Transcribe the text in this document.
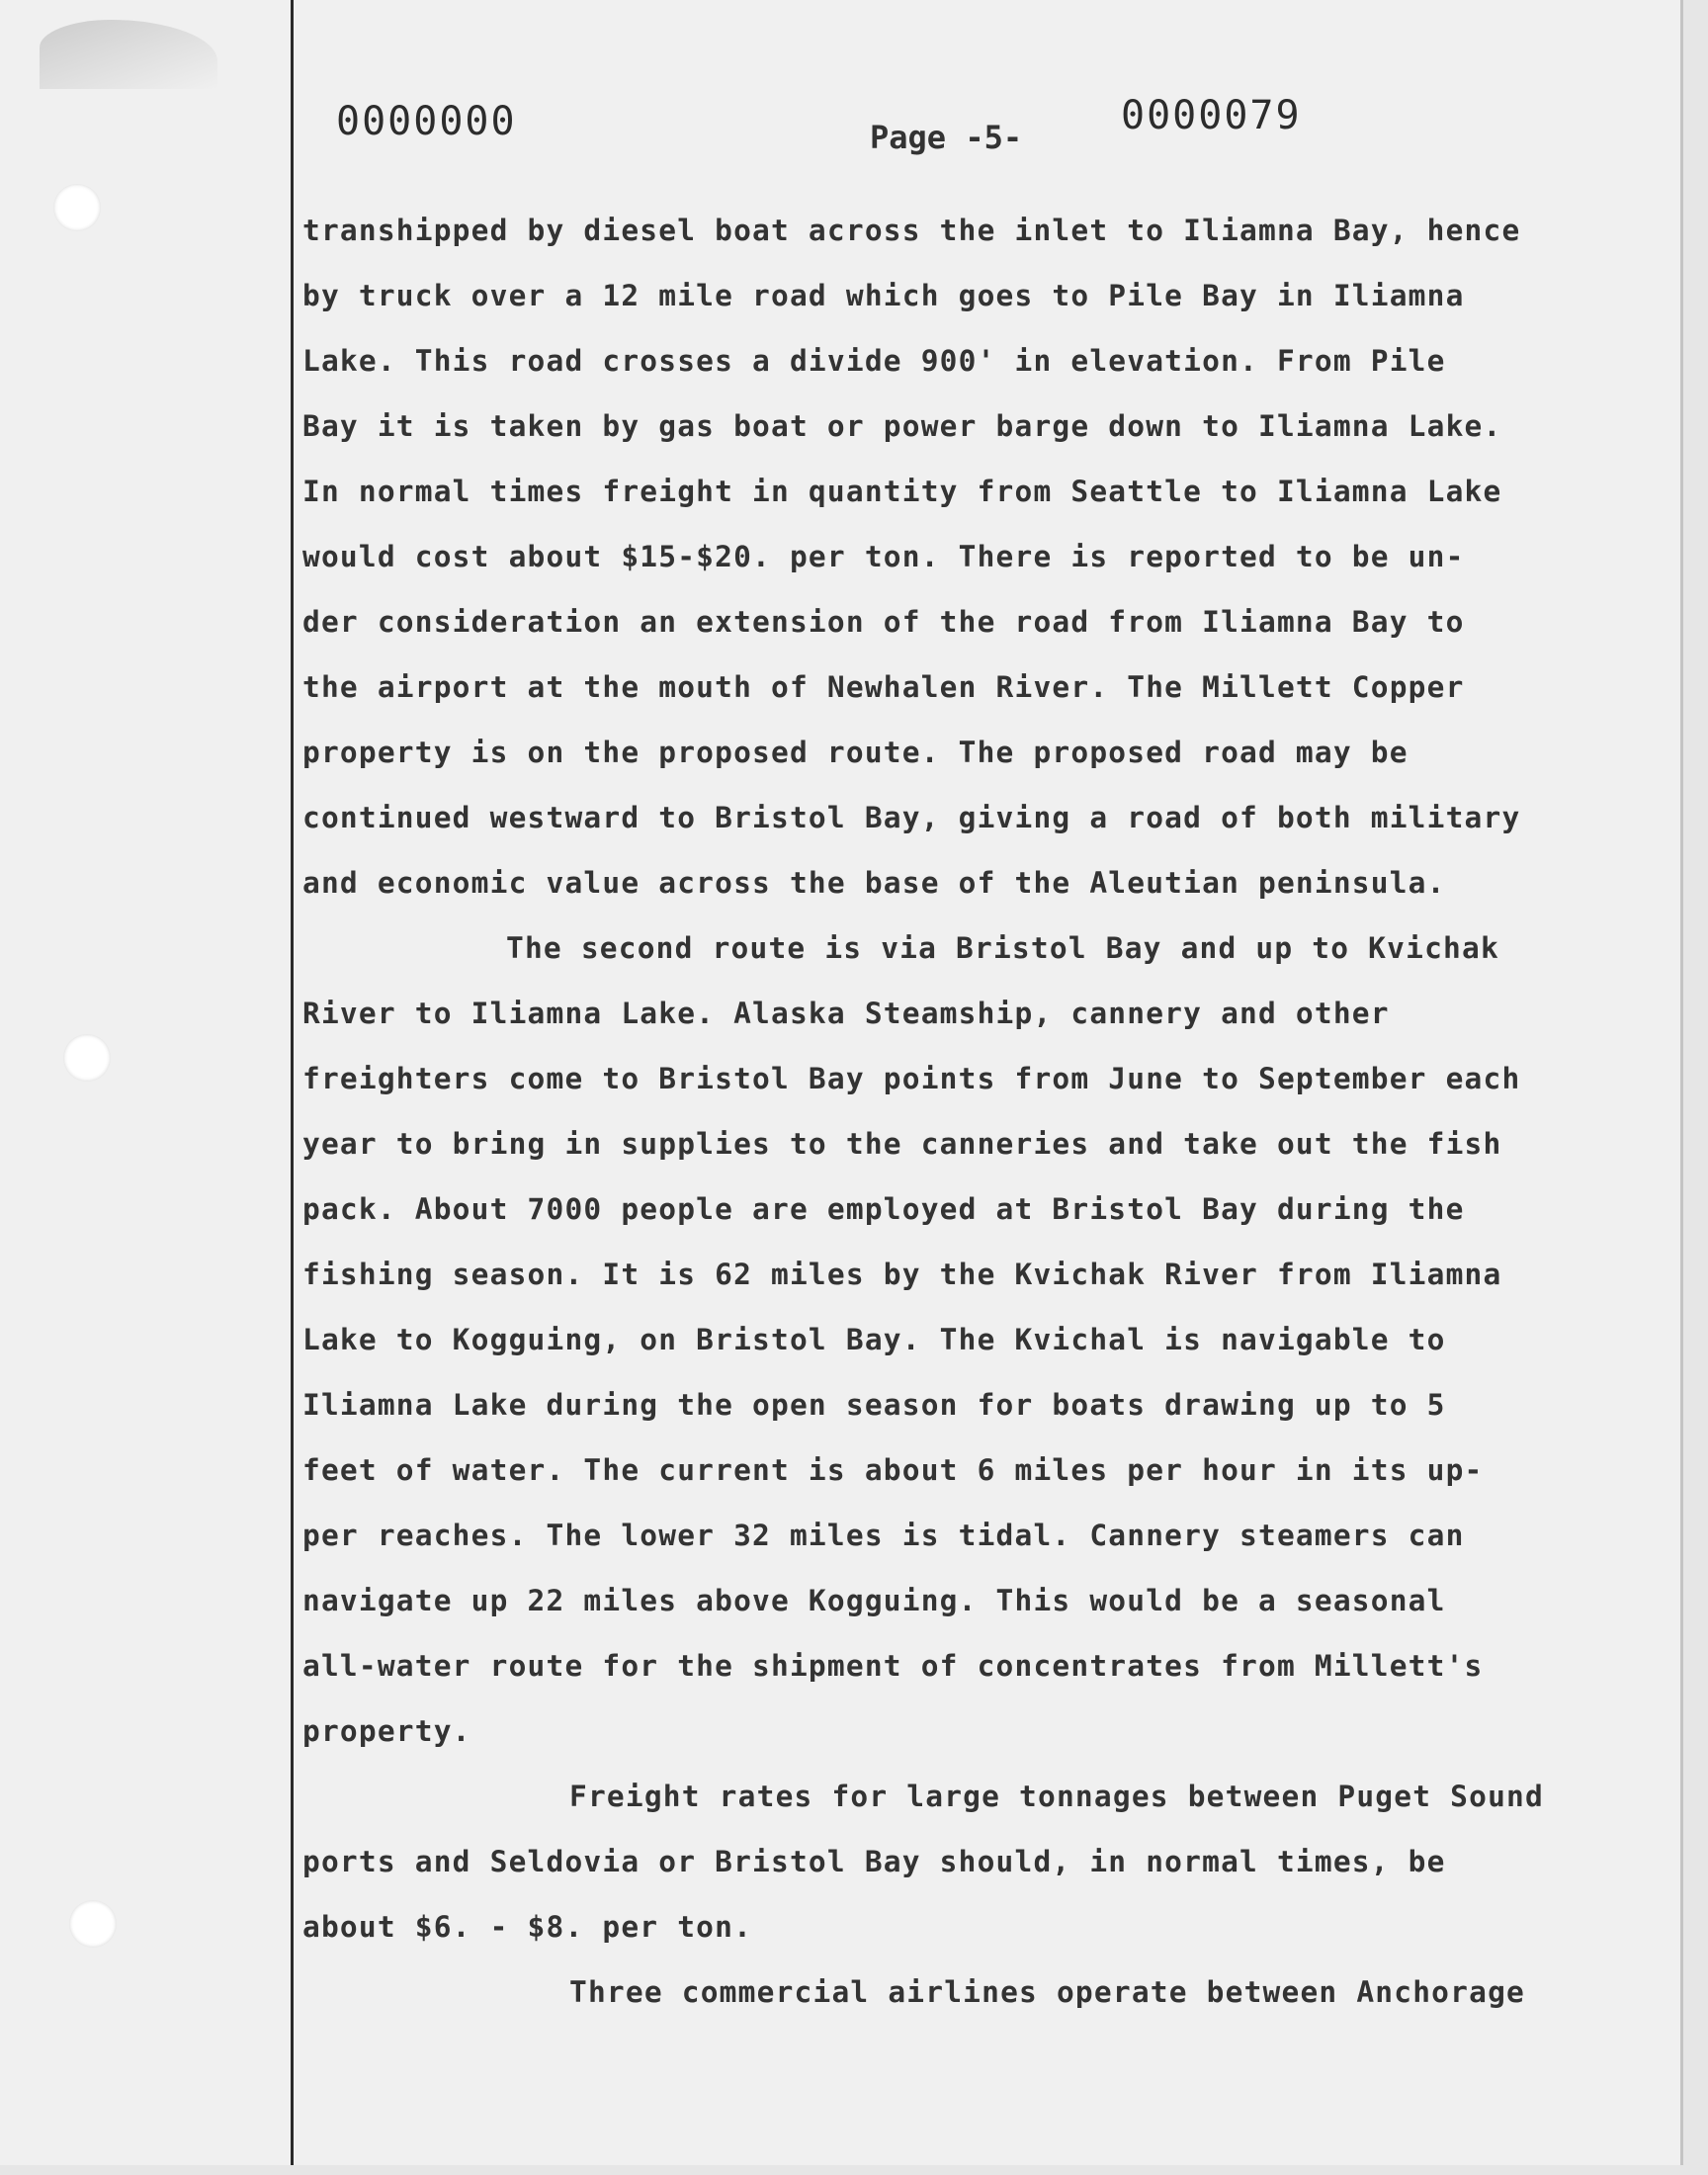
0000000	Page -5- 0000079
transhipped by diesel boat across the inlet to Iliamna Bay, hence
by truck over a 12 mile road which goes to Pile Bay in Iliamna
Lake. This road crosses a divide 900' in elevation. From Pile
Bay it is taken by gas boat or power barge down to Iliamna Lake.
In normal times freight in quantity from Seattle to Iliamna Lake
would cost about $15-$20. per ton. There is reported to be un-
der consideration an extension of the road from Iliamna Bay to
the airport at the mouth of Newhalen River. The Millett Copper
property is on the proposed route. The proposed road may be
continued westward to Bristol Bay, giving a road of both military
and economic value across the base of the Aleutian peninsula.
The second route is via Bristol Bay and up to Kvichak
River to Iliamna Lake. Alaska Steamship, cannery and other
freighters come to Bristol Bay points from June to September each
year to bring in supplies to the canneries and take out the fish
pack. About 7000 people are employed at Bristol Bay during the
fishing season. It is 62 miles by the Kvichak River from Iliamna
Lake to Kogguing, on Bristol Bay. The Kvichal is navigable to
Iliamna Lake during the open season for boats drawing up to 5
feet of water. The current is about 6 miles per hour in its up-
per reaches. The lower 32 miles is tidal. Cannery steamers can
navigate up 22 miles above Kogguing. This would be a seasonal
all-water route for the shipment of concentrates from Millett's
property.
Freight rates for large tonnages between Puget Sound
ports and Seldovia or Bristol Bay should, in normal times, be
about $6. - $8. per ton.
Three commercial airlines operate between Anchorage
